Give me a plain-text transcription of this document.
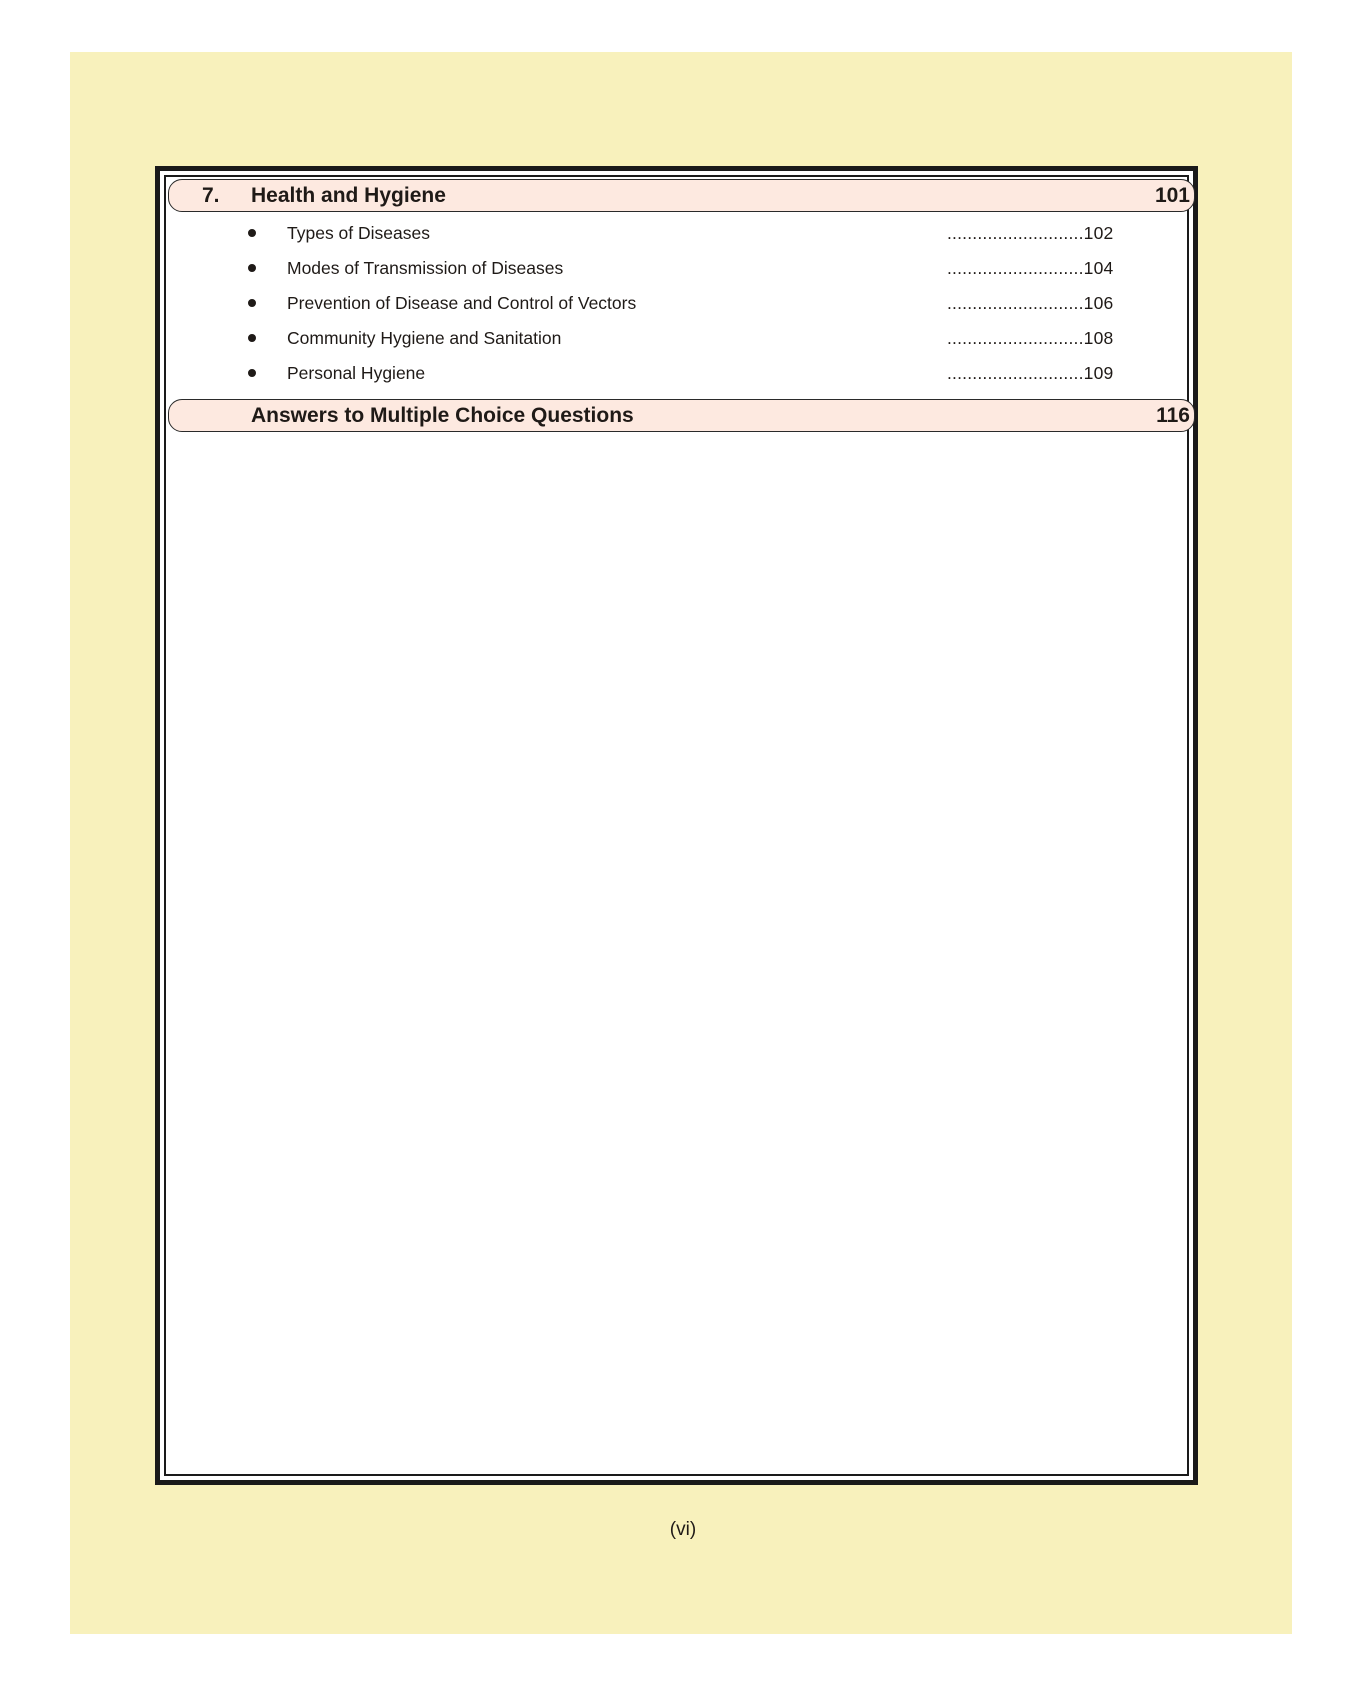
7. Health and Hygiene	101
Types of Diseases	...........................102
Modes of Transmission of Diseases	...........................104
Prevention of Disease and Control of Vectors	...........................106
Community Hygiene and Sanitation	...........................108
Personal Hygiene	...........................109
Answers to Multiple Choice Questions	116
(vi)
